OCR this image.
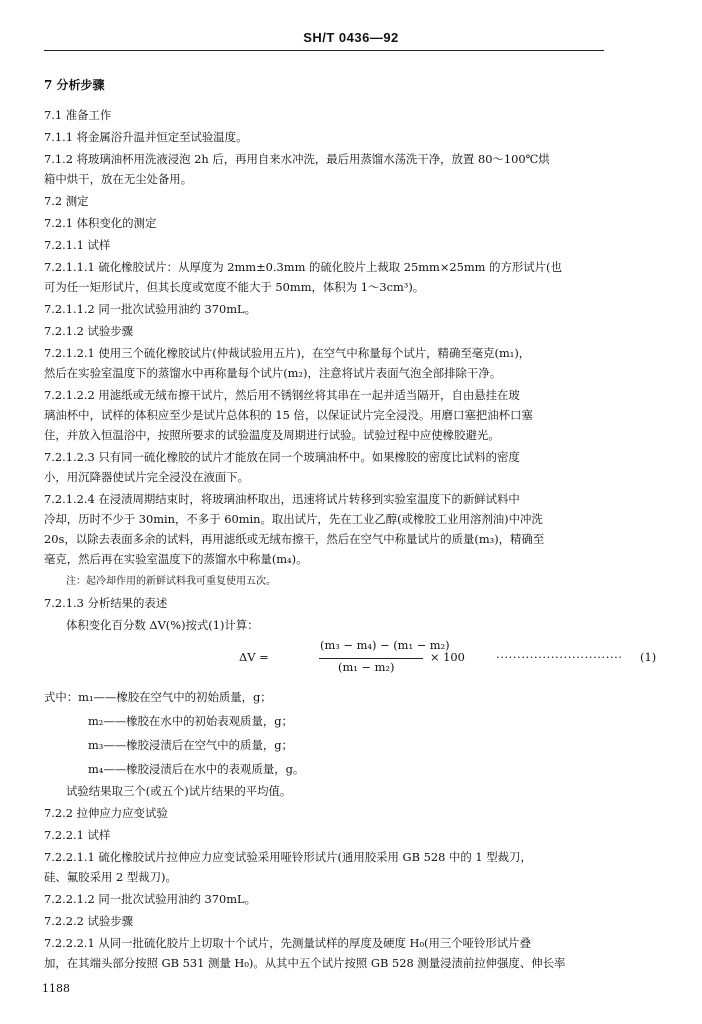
SH/T 0436—92
7 分析步骤
7.1 准备工作
7.1.1 将金属浴升温并恒定至试验温度。
7.1.2 将玻璃油杯用洗液浸泡 2h 后，再用自来水冲洗，最后用蒸馏水荡洗干净，放置 80～100℃烘
箱中烘干，放在无尘处备用。
7.2 测定
7.2.1 体积变化的测定
7.2.1.1 试样
7.2.1.1.1 硫化橡胶试片：从厚度为 2mm±0.3mm 的硫化胶片上裁取 25mm×25mm 的方形试片(也
可为任一矩形试片，但其长度或宽度不能大于 50mm，体积为 1～3cm³)。
7.2.1.1.2 同一批次试验用油约 370mL。
7.2.1.2 试验步骤
7.2.1.2.1 使用三个硫化橡胶试片(仲裁试验用五片)，在空气中称量每个试片，精确至毫克(m₁)，
然后在实验室温度下的蒸馏水中再称量每个试片(m₂)，注意将试片表面气泡全部排除干净。
7.2.1.2.2 用滤纸或无绒布擦干试片，然后用不锈钢丝将其串在一起并适当隔开，自由悬挂在玻
璃油杯中，试样的体积应至少是试片总体积的 15 倍，以保证试片完全浸没。用磨口塞把油杯口塞
住，并放入恒温浴中，按照所要求的试验温度及周期进行试验。试验过程中应使橡胶避光。
7.2.1.2.3 只有同一硫化橡胶的试片才能放在同一个玻璃油杯中。如果橡胶的密度比试料的密度
小，用沉降器使试片完全浸没在液面下。
7.2.1.2.4 在浸渍周期结束时，将玻璃油杯取出，迅速将试片转移到实验室温度下的新鲜试料中
冷却，历时不少于 30min，不多于 60min。取出试片，先在工业乙醇(或橡胶工业用溶剂油)中冲洗
20s，以除去表面多余的试料，再用滤纸或无绒布擦干，然后在空气中称量试片的质量(m₃)，精确至
毫克，然后再在实验室温度下的蒸馏水中称量(m₄)。
注：起冷却作用的新鲜试料我可重复使用五次。
7.2.1.3 分析结果的表述
体积变化百分数 ΔV(%)按式(1)计算：
ΔV =
(m₃ − m₄) − (m₁ − m₂)
(m₁ − m₂)
× 100	······························ (1)
式中：m₁——橡胶在空气中的初始质量，g；
m₂——橡胶在水中的初始表观质量，g；
m₃——橡胶浸渍后在空气中的质量，g；
m₄——橡胶浸渍后在水中的表观质量，g。
试验结果取三个(或五个)试片结果的平均值。
7.2.2 拉伸应力应变试验
7.2.2.1 试样
7.2.2.1.1 硫化橡胶试片拉伸应力应变试验采用哑铃形试片(通用胶采用 GB 528 中的 1 型裁刀，
硅、氟胶采用 2 型裁刀)。
7.2.2.1.2 同一批次试验用油约 370mL。
7.2.2.2 试验步骤
7.2.2.2.1 从同一批硫化胶片上切取十个试片，先测量试样的厚度及硬度 H₀(用三个哑铃形试片叠
加，在其端头部分按照 GB 531 测量 H₀)。从其中五个试片按照 GB 528 测量浸渍前拉伸强度、伸长率
1188
